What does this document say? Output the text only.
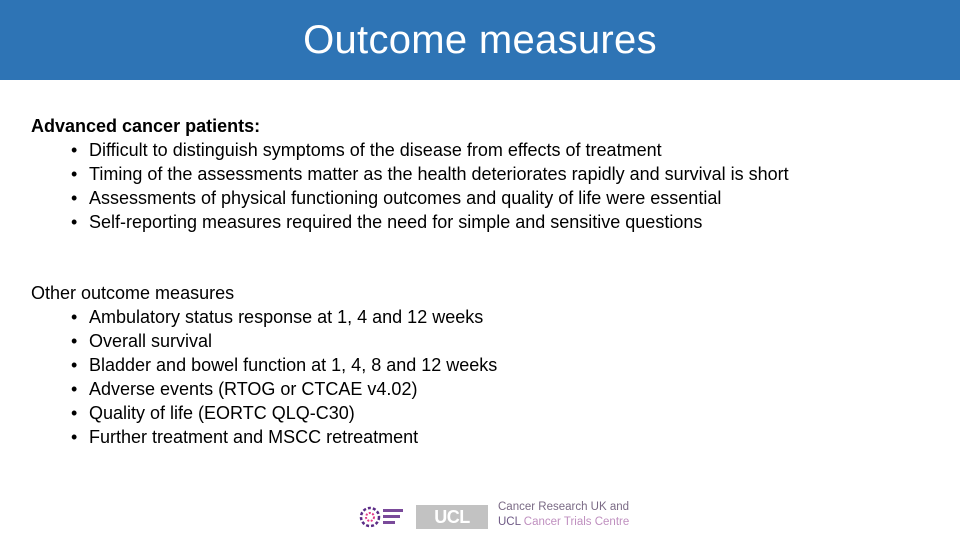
Outcome measures

Advanced cancer patients:

• Difficult to distinguish symptoms of the disease from effects of treatment
• Timing of the assessments matter as the health deteriorates rapidly and survival is short
• Assessments of physical functioning outcomes and quality of life were essential
• Self-reporting measures required the need for simple and sensitive questions

Other outcome measures

• Ambulatory status response at 1, 4 and 12 weeks
• Overall survival
• Bladder and bowel function at 1, 4, 8 and 12 weeks
• Adverse events (RTOG or CTCAE v4.02)
• Quality of life (EORTC QLQ-C30)
• Further treatment and MSCC retreatment
UCL	Cancer Research UK and
UCL Cancer Trials Centre
